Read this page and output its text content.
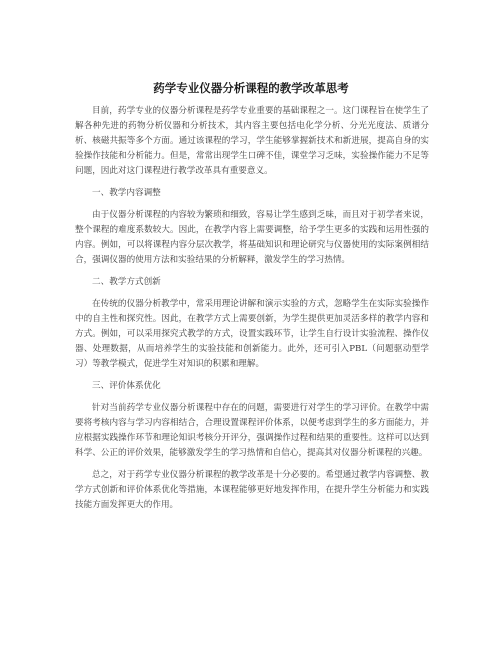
药学专业仪器分析课程的教学改革思考

目前，药学专业的仪器分析课程是药学专业重要的基础课程之一。这门课程旨在使学生了解各种先进的药物分析仪器和分析技术，其内容主要包括电化学分析、分光光度法、质谱分析、核磁共振等多个方面。通过该课程的学习，学生能够掌握新技术和新进展，提高自身的实验操作技能和分析能力。但是，常常出现学生口碑不佳，课堂学习乏味，实验操作能力不足等问题，因此对这门课程进行教学改革具有重要意义。

一、教学内容调整

由于仪器分析课程的内容较为繁琐和细致，容易让学生感到乏味，而且对于初学者来说，整个课程的难度系数较大。因此，在教学内容上需要调整，给予学生更多的实践和运用性强的内容。例如，可以将课程内容分层次教学，将基础知识和理论研究与仪器使用的实际案例相结合，强调仪器的使用方法和实验结果的分析解释，激发学生的学习热情。

二、教学方式创新

在传统的仪器分析教学中，常采用理论讲解和演示实验的方式，忽略学生在实际实验操作中的自主性和探究性。因此，在教学方式上需要创新，为学生提供更加灵活多样的教学内容和方式。例如，可以采用探究式教学的方式，设置实践环节，让学生自行设计实验流程、操作仪器、处理数据，从而培养学生的实验技能和创新能力。此外，还可引入PBL（问题驱动型学习）等教学模式，促进学生对知识的积累和理解。

三、评价体系优化

针对当前药学专业仪器分析课程中存在的问题，需要进行对学生的学习评价。在教学中需要将考核内容与学习内容相结合，合理设置课程评价体系，以便考虑到学生的多方面能力，并应根据实践操作环节和理论知识考核分开评分，强调操作过程和结果的重要性。这样可以达到科学、公正的评价效果，能够激发学生的学习热情和自信心，提高其对仪器分析课程的兴趣。

总之，对于药学专业仪器分析课程的教学改革是十分必要的。希望通过教学内容调整、教学方式创新和评价体系优化等措施，本课程能够更好地发挥作用，在提升学生分析能力和实践技能方面发挥更大的作用。
